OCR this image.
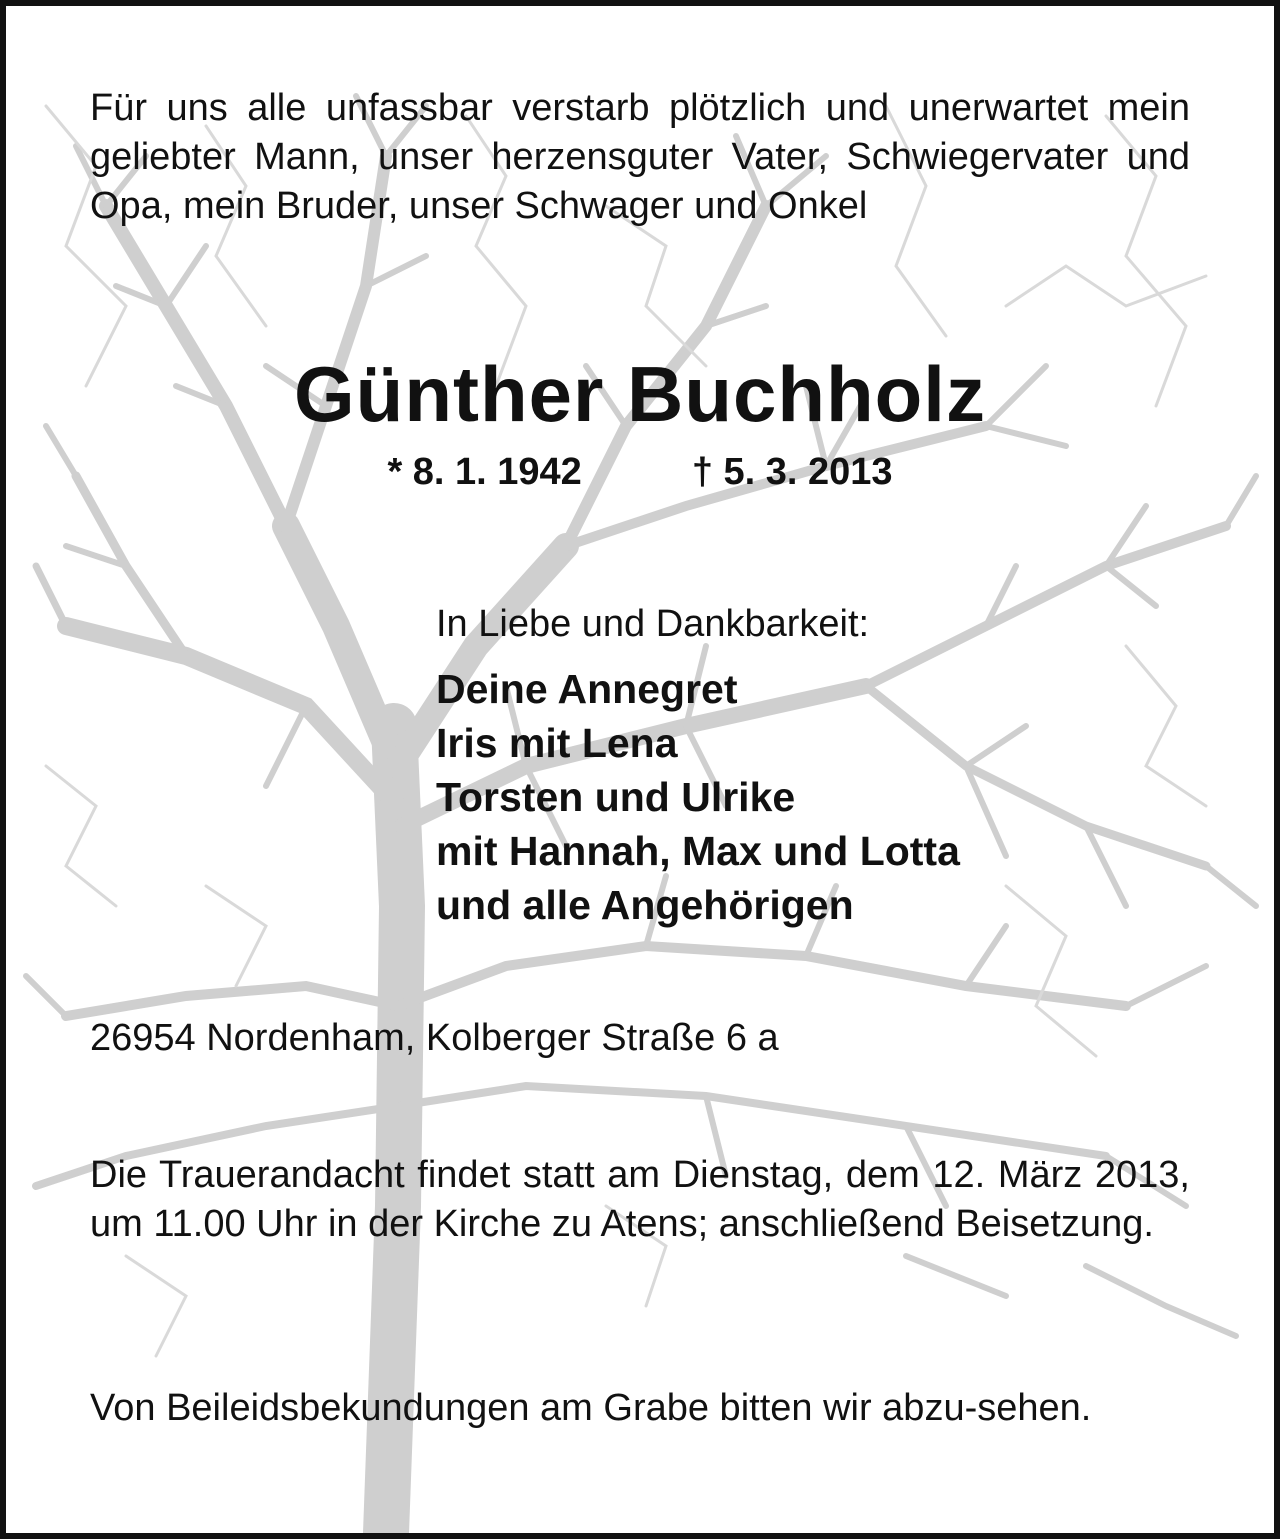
Für uns alle unfassbar verstarb plötzlich und unerwartet mein geliebter Mann, unser herzensguter Vater, Schwiegervater und Opa, mein Bruder, unser Schwager und Onkel
Günther Buchholz
* 8. 1. 1942	† 5. 3. 2013
In Liebe und Dankbarkeit:
Deine Annegret
Iris mit Lena
Torsten und Ulrike
mit Hannah, Max und Lotta
und alle Angehörigen
26954 Nordenham, Kolberger Straße 6 a
Die Trauerandacht findet statt am Dienstag, dem 12. März 2013, um 11.00 Uhr in der Kirche zu Atens; anschließend Beisetzung.
Von Beileidsbekundungen am Grabe bitten wir abzu-sehen.
